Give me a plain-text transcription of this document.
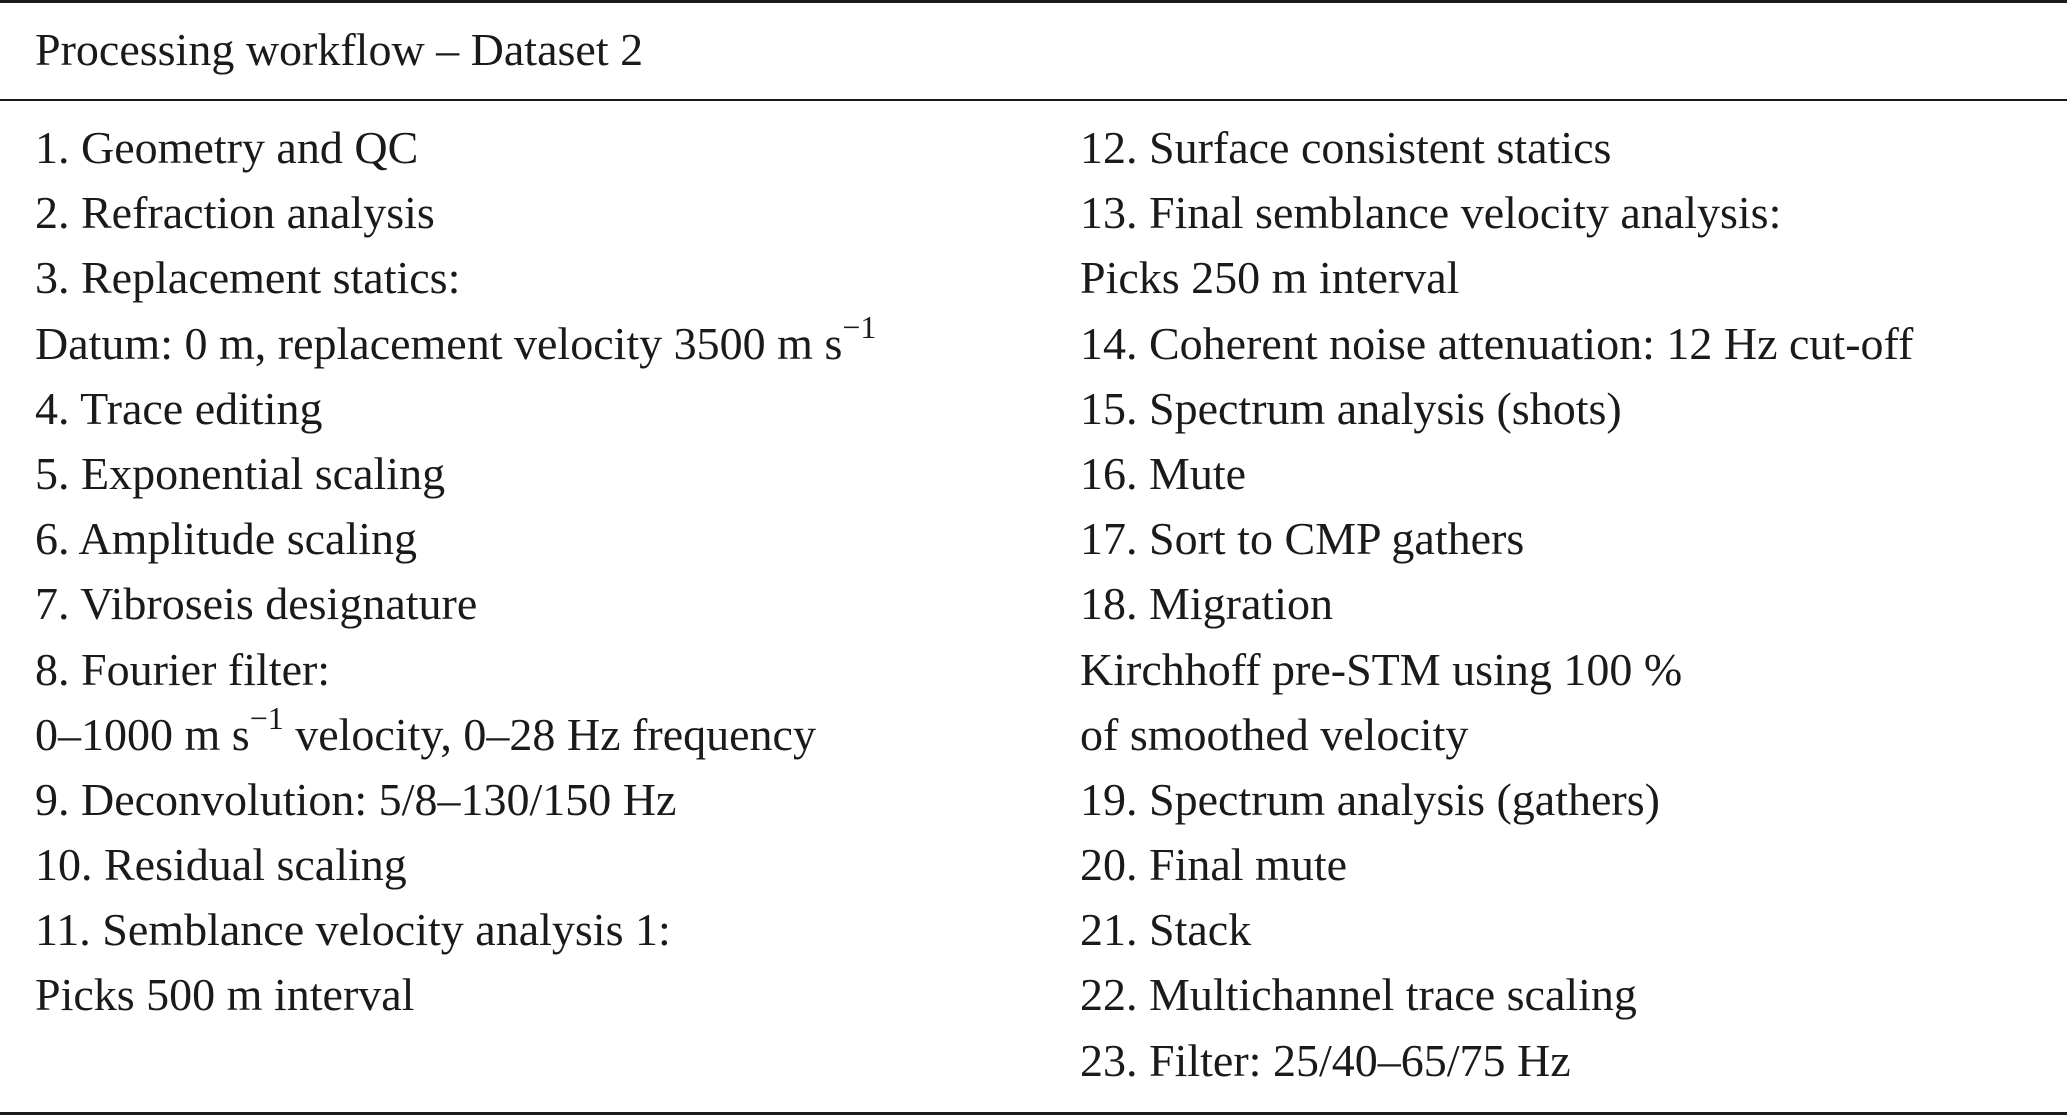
Processing workflow – Dataset 2
1. Geometry and QC
2. Refraction analysis
3. Replacement statics:
Datum: 0 m, replacement velocity 3500 m $s^{-1}$
4. Trace editing
5. Exponential scaling
6. Amplitude scaling
7. Vibroseis designature
8. Fourier filter:
0–1000 m $s^{-1}$ velocity, 0–28 Hz frequency
9. Deconvolution: 5/8–130/150 Hz
10. Residual scaling
11. Semblance velocity analysis 1:
Picks 500 m interval
12. Surface consistent statics
13. Final semblance velocity analysis:
Picks 250 m interval
14. Coherent noise attenuation: 12 Hz cut-off
15. Spectrum analysis (shots)
16. Mute
17. Sort to CMP gathers
18. Migration
Kirchhoff pre-STM using 100 %
of smoothed velocity
19. Spectrum analysis (gathers)
20. Final mute
21. Stack
22. Multichannel trace scaling
23. Filter: 25/40–65/75 Hz
